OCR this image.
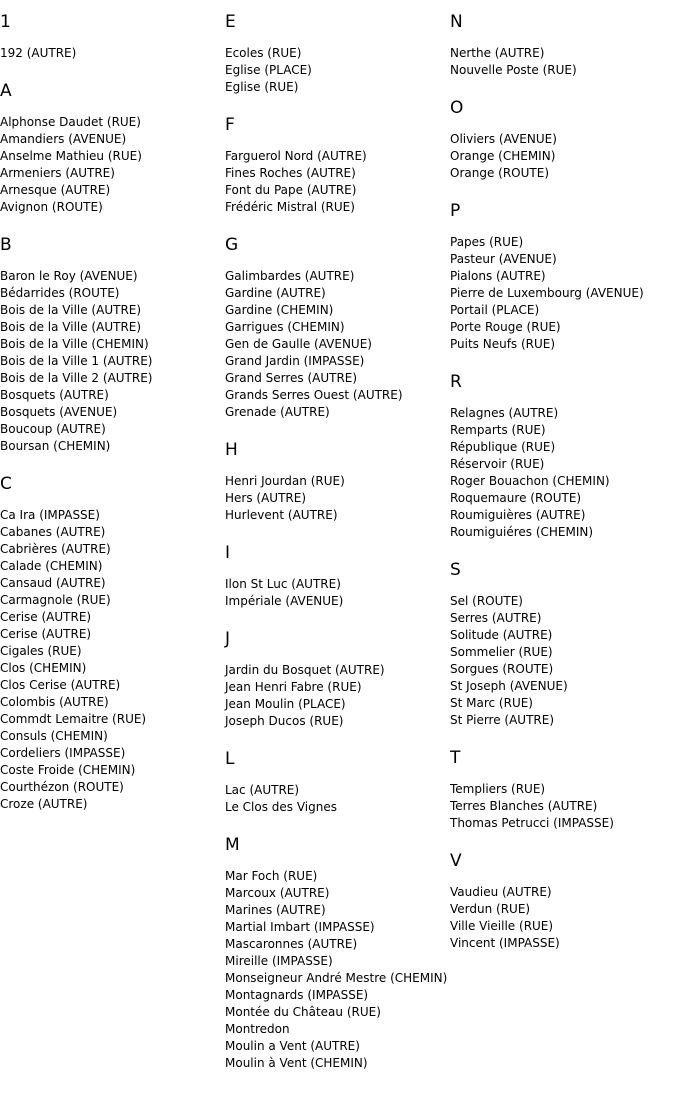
1
192 (AUTRE)
A
Alphonse Daudet (RUE)
Amandiers (AVENUE)
Anselme Mathieu (RUE)
Armeniers (AUTRE)
Arnesque (AUTRE)
Avignon (ROUTE)
B
Baron le Roy (AVENUE)
Bédarrides (ROUTE)
Bois de la Ville (AUTRE)
Bois de la Ville (AUTRE)
Bois de la Ville (CHEMIN)
Bois de la Ville 1 (AUTRE)
Bois de la Ville 2 (AUTRE)
Bosquets (AUTRE)
Bosquets (AVENUE)
Boucoup (AUTRE)
Boursan (CHEMIN)
C
Ca Ira (IMPASSE)
Cabanes (AUTRE)
Cabrières (AUTRE)
Calade (CHEMIN)
Cansaud (AUTRE)
Carmagnole (RUE)
Cerise (AUTRE)
Cerise (AUTRE)
Cigales (RUE)
Clos (CHEMIN)
Clos Cerise (AUTRE)
Colombis (AUTRE)
Commdt Lemaitre (RUE)
Consuls (CHEMIN)
Cordeliers (IMPASSE)
Coste Froide (CHEMIN)
Courthézon (ROUTE)
Croze (AUTRE)
E
Ecoles (RUE)
Eglise (PLACE)
Eglise (RUE)
F
Farguerol Nord (AUTRE)
Fines Roches (AUTRE)
Font du Pape (AUTRE)
Frédéric Mistral (RUE)
G
Galimbardes (AUTRE)
Gardine (AUTRE)
Gardine (CHEMIN)
Garrigues (CHEMIN)
Gen de Gaulle (AVENUE)
Grand Jardin (IMPASSE)
Grand Serres (AUTRE)
Grands Serres Ouest (AUTRE)
Grenade (AUTRE)
H
Henri Jourdan (RUE)
Hers (AUTRE)
Hurlevent (AUTRE)
I
Ilon St Luc (AUTRE)
Impériale (AVENUE)
J
Jardin du Bosquet (AUTRE)
Jean Henri Fabre (RUE)
Jean Moulin (PLACE)
Joseph Ducos (RUE)
L
Lac (AUTRE)
Le Clos des Vignes
M
Mar Foch (RUE)
Marcoux (AUTRE)
Marines (AUTRE)
Martial Imbart (IMPASSE)
Mascaronnes (AUTRE)
Mireille (IMPASSE)
Monseigneur André Mestre (CHEMIN)
Montagnards (IMPASSE)
Montée du Château (RUE)
Montredon
Moulin a Vent (AUTRE)
Moulin à Vent (CHEMIN)
N
Nerthe (AUTRE)
Nouvelle Poste (RUE)
O
Oliviers (AVENUE)
Orange (CHEMIN)
Orange (ROUTE)
P
Papes (RUE)
Pasteur (AVENUE)
Pialons (AUTRE)
Pierre de Luxembourg (AVENUE)
Portail (PLACE)
Porte Rouge (RUE)
Puits Neufs (RUE)
R
Relagnes (AUTRE)
Remparts (RUE)
République (RUE)
Réservoir (RUE)
Roger Bouachon (CHEMIN)
Roquemaure (ROUTE)
Roumiguières (AUTRE)
Roumiguiéres (CHEMIN)
S
Sel (ROUTE)
Serres (AUTRE)
Solitude (AUTRE)
Sommelier (RUE)
Sorgues (ROUTE)
St Joseph (AVENUE)
St Marc (RUE)
St Pierre (AUTRE)
T
Templiers (RUE)
Terres Blanches (AUTRE)
Thomas Petrucci (IMPASSE)
V
Vaudieu (AUTRE)
Verdun (RUE)
Ville Vieille (RUE)
Vincent (IMPASSE)
